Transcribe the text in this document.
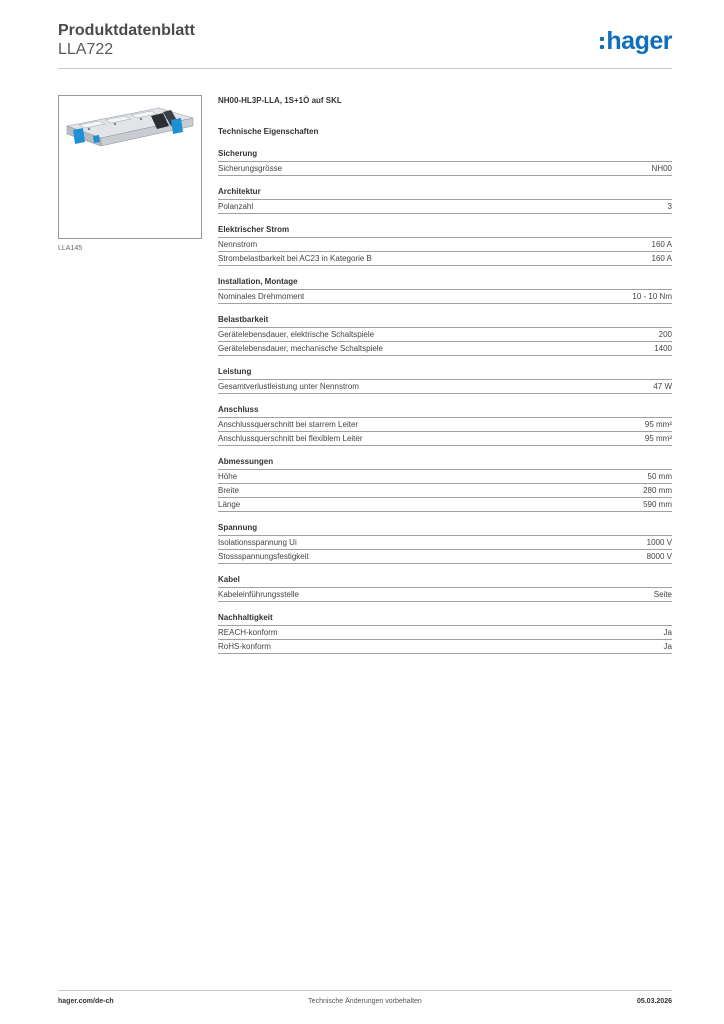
Produktdatenblatt
LLA722	hager
LLA145
NH00-HL3P-LLA, 1S+1Ö auf SKL
Technische Eigenschaften
Sicherung
Sicherungsgrösse	NH00
Architektur
Polanzahl	3
Elektrischer Strom
Nennstrom	160 A
Strombelastbarkeit bei AC23 in Kategorie B	160 A
Installation, Montage
Nominales Drehmoment	10 - 10 Nm
Belastbarkeit
Gerätelebensdauer, elektrische Schaltspiele	200
Gerätelebensdauer, mechanische Schaltspiele	1400
Leistung
Gesamtverlustleistung unter Nennstrom	47 W
Anschluss
Anschlussquerschnitt bei starrem Leiter	95 mm²
Anschlussquerschnitt bei flexiblem Leiter	95 mm²
Abmessungen
Höhe	50 mm
Breite	280 mm
Länge	590 mm
Spannung
Isolationsspannung Ui	1000 V
Stossspannungsfestigkeit	8000 V
Kabel
Kabeleinführungsstelle	Seite
Nachhaltigkeit
REACH-konform	Ja
RoHS-konform	Ja
hager.com/de-ch	Technische Änderungen vorbehalten	05.03.2026
